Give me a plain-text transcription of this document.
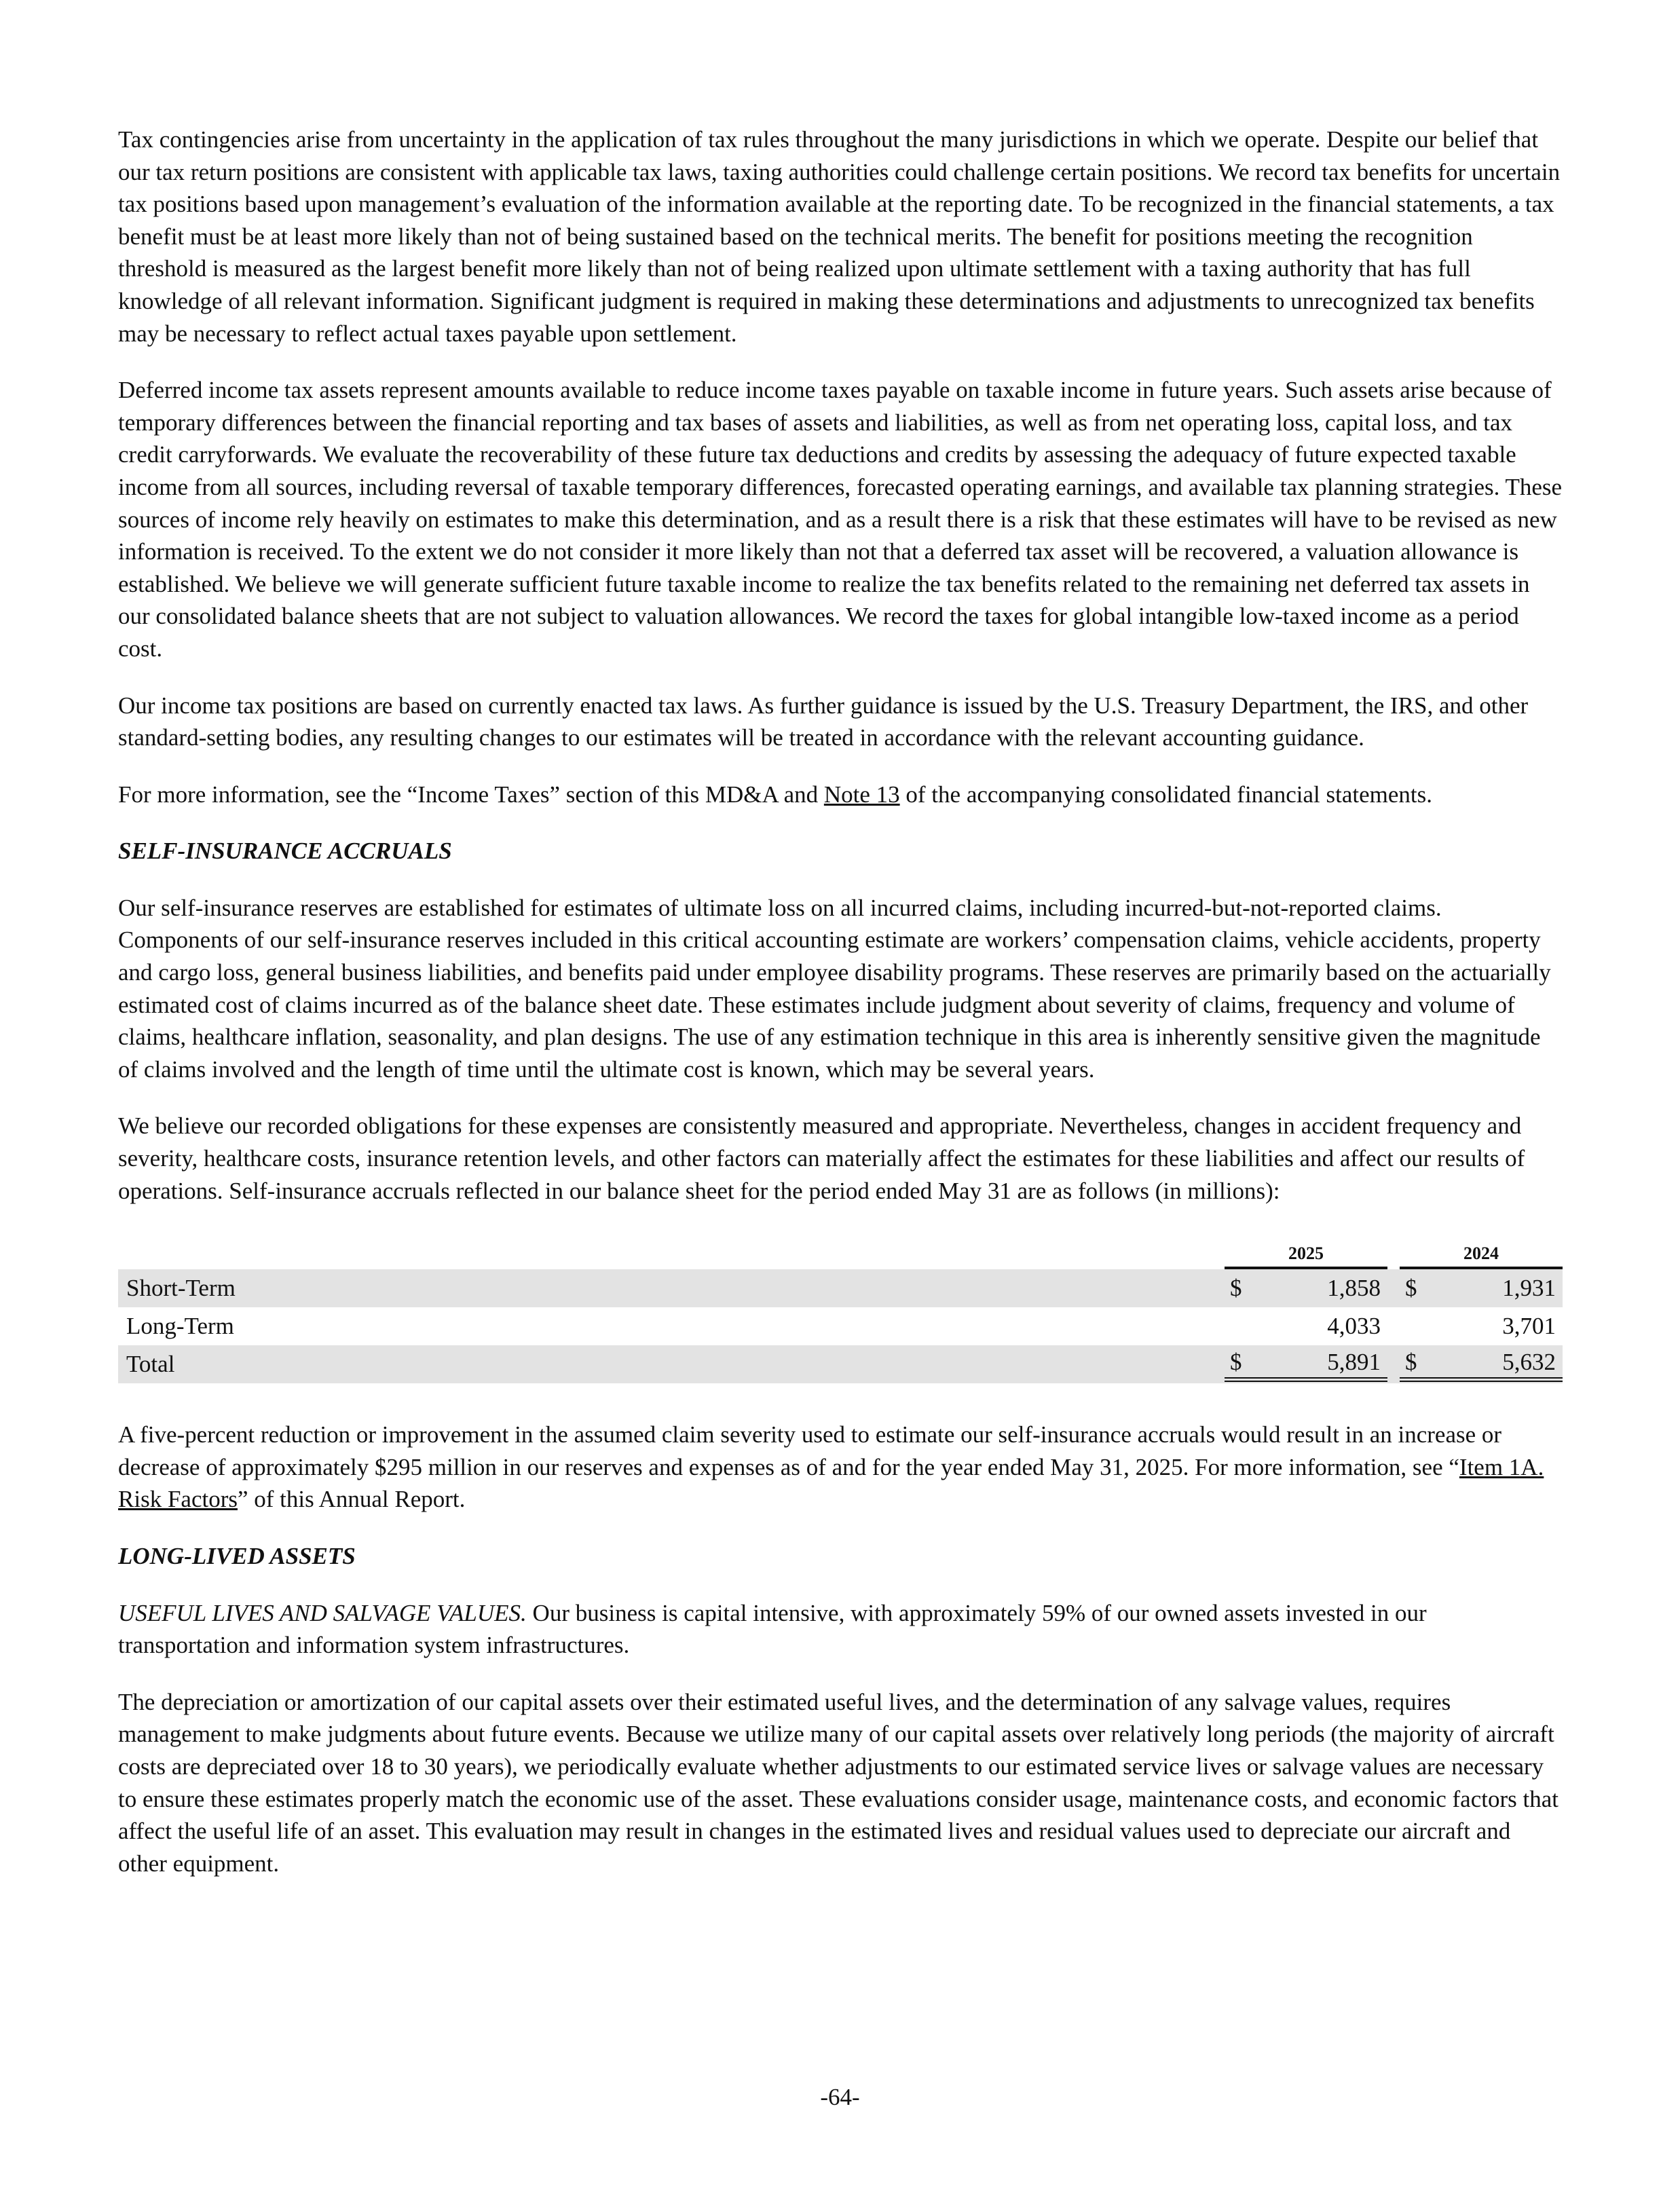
Tax contingencies arise from uncertainty in the application of tax rules throughout the many jurisdictions in which we operate. Despite our belief that our tax return positions are consistent with applicable tax laws, taxing authorities could challenge certain positions. We record tax benefits for uncertain tax positions based upon management’s evaluation of the information available at the reporting date. To be recognized in the financial statements, a tax benefit must be at least more likely than not of being sustained based on the technical merits. The benefit for positions meeting the recognition threshold is measured as the largest benefit more likely than not of being realized upon ultimate settlement with a taxing authority that has full knowledge of all relevant information. Significant judgment is required in making these determinations and adjustments to unrecognized tax benefits may be necessary to reflect actual taxes payable upon settlement.

Deferred income tax assets represent amounts available to reduce income taxes payable on taxable income in future years. Such assets arise because of temporary differences between the financial reporting and tax bases of assets and liabilities, as well as from net operating loss, capital loss, and tax credit carryforwards. We evaluate the recoverability of these future tax deductions and credits by assessing the adequacy of future expected taxable income from all sources, including reversal of taxable temporary differences, forecasted operating earnings, and available tax planning strategies. These sources of income rely heavily on estimates to make this determination, and as a result there is a risk that these estimates will have to be revised as new information is received. To the extent we do not consider it more likely than not that a deferred tax asset will be recovered, a valuation allowance is established. We believe we will generate sufficient future taxable income to realize the tax benefits related to the remaining net deferred tax assets in our consolidated balance sheets that are not subject to valuation allowances. We record the taxes for global intangible low-taxed income as a period cost.

Our income tax positions are based on currently enacted tax laws. As further guidance is issued by the U.S. Treasury Department, the IRS, and other standard-setting bodies, any resulting changes to our estimates will be treated in accordance with the relevant accounting guidance.

For more information, see the “Income Taxes” section of this MD&A and Note 13 of the accompanying consolidated financial statements.

SELF-INSURANCE ACCRUALS

Our self-insurance reserves are established for estimates of ultimate loss on all incurred claims, including incurred-but-not-reported claims. Components of our self-insurance reserves included in this critical accounting estimate are workers’ compensation claims, vehicle accidents, property and cargo loss, general business liabilities, and benefits paid under employee disability programs. These reserves are primarily based on the actuarially estimated cost of claims incurred as of the balance sheet date. These estimates include judgment about severity of claims, frequency and volume of claims, healthcare inflation, seasonality, and plan designs. The use of any estimation technique in this area is inherently sensitive given the magnitude of claims involved and the length of time until the ultimate cost is known, which may be several years.

We believe our recorded obligations for these expenses are consistently measured and appropriate. Nevertheless, changes in accident frequency and severity, healthcare costs, insurance retention levels, and other factors can materially affect the estimates for these liabilities and affect our results of operations. Self-insurance accruals reflected in our balance sheet for the period ended May 31 are as follows (in millions):

2025	2024
Short-Term	$	1,858 $	1,931
Long-Term	4,033	3,701
Total	$	5,891 $	5,632

A five-percent reduction or improvement in the assumed claim severity used to estimate our self-insurance accruals would result in an increase or decrease of approximately $295 million in our reserves and expenses as of and for the year ended May 31, 2025. For more information, see “Item 1A. Risk Factors” of this Annual Report.

LONG-LIVED ASSETS

USEFUL LIVES AND SALVAGE VALUES. Our business is capital intensive, with approximately 59% of our owned assets invested in our transportation and information system infrastructures.

The depreciation or amortization of our capital assets over their estimated useful lives, and the determination of any salvage values, requires management to make judgments about future events. Because we utilize many of our capital assets over relatively long periods (the majority of aircraft costs are depreciated over 18 to 30 years), we periodically evaluate whether adjustments to our estimated service lives or salvage values are necessary to ensure these estimates properly match the economic use of the asset. These evaluations consider usage, maintenance costs, and economic factors that affect the useful life of an asset. This evaluation may result in changes in the estimated lives and residual values used to depreciate our aircraft and other equipment.

-64-
